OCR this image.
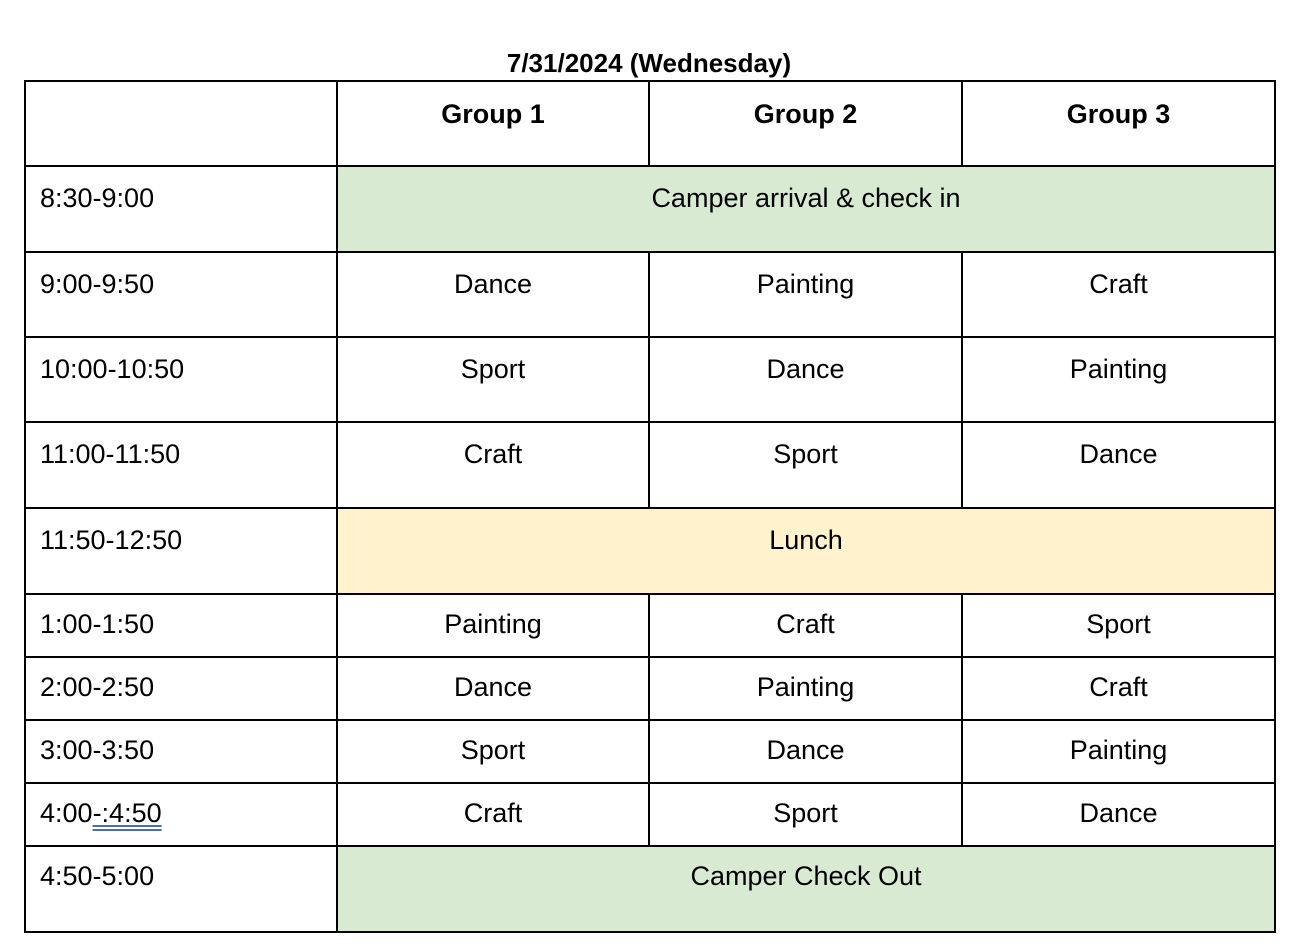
7/31/2024 (Wednesday)
	Group 1	Group 2	Group 3
8:30-9:00	Camper arrival & check in		
9:00-9:50	Dance	Painting	Craft
10:00-10:50	Sport	Dance	Painting
11:00-11:50	Craft	Sport	Dance
11:50-12:50	Lunch		
1:00-1:50	Painting	Craft	Sport
2:00-2:50	Dance	Painting	Craft
3:00-3:50	Sport	Dance	Painting
4:00-:4:50	Craft	Sport	Dance
4:50-5:00	Camper Check Out		
